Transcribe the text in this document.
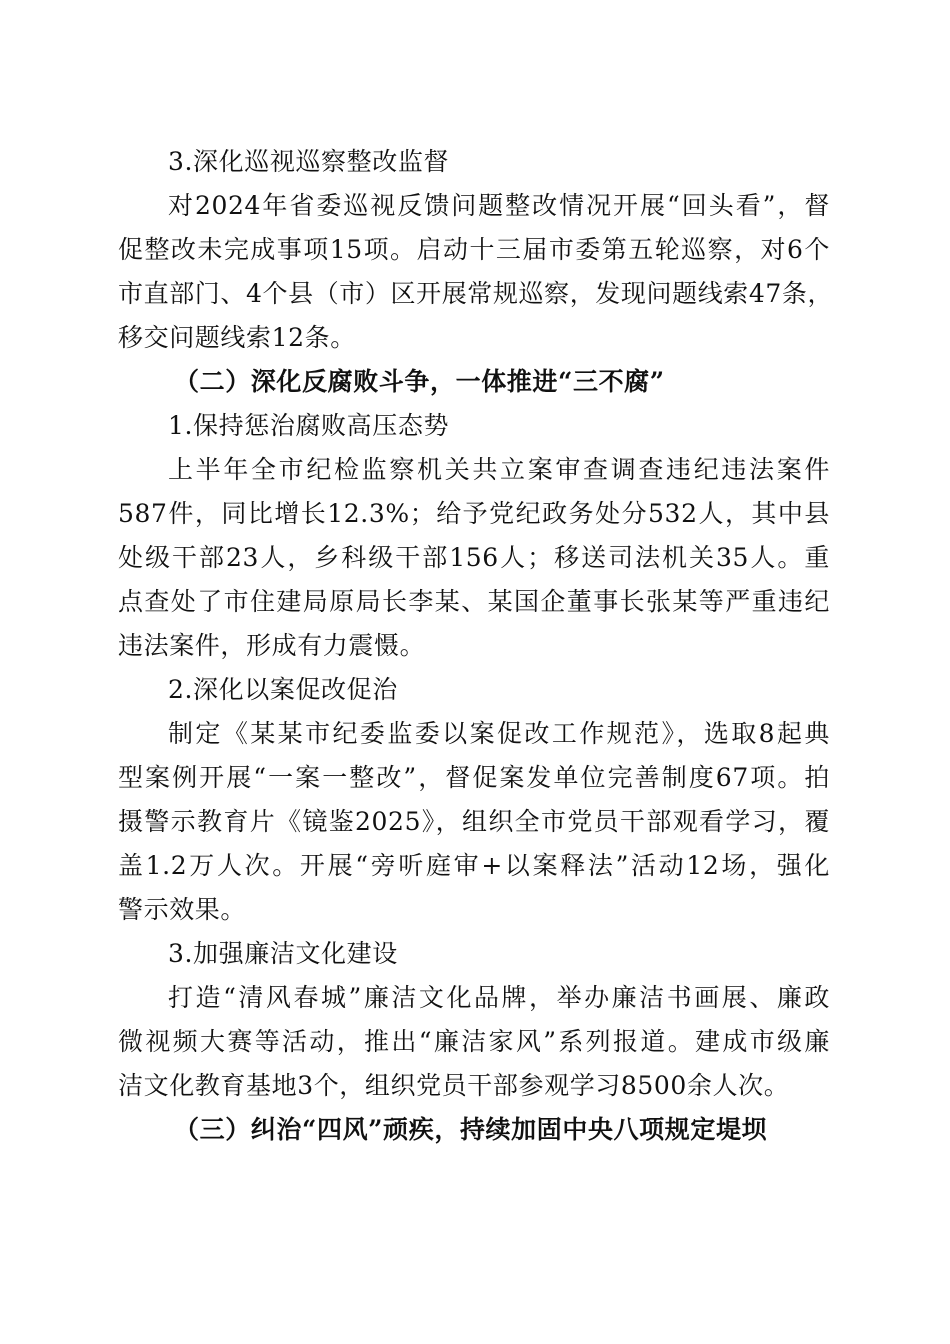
3.深化巡视巡察整改监督
对2024年省委巡视反馈问题整改情况开展“回头看”，督
促整改未完成事项15项。启动十三届市委第五轮巡察，对6个
市直部门、4个县（市）区开展常规巡察，发现问题线索47条，
移交问题线索12条。
（二）深化反腐败斗争，一体推进“三不腐”
1.保持惩治腐败高压态势
上半年全市纪检监察机关共立案审查调查违纪违法案件
587件，同比增长12.3%；给予党纪政务处分532人，其中县
处级干部23人，乡科级干部156人；移送司法机关35人。重
点查处了市住建局原局长李某、某国企董事长张某等严重违纪
违法案件，形成有力震慑。
2.深化以案促改促治
制定《某某市纪委监委以案促改工作规范》，选取8起典
型案例开展“一案一整改”，督促案发单位完善制度67项。拍
摄警示教育片《镜鉴2025》，组织全市党员干部观看学习，覆
盖1.2万人次。开展“旁听庭审+以案释法”活动12场，强化
警示效果。
3.加强廉洁文化建设
打造“清风春城”廉洁文化品牌，举办廉洁书画展、廉政
微视频大赛等活动，推出“廉洁家风”系列报道。建成市级廉
洁文化教育基地3个，组织党员干部参观学习8500余人次。
（三）纠治“四风”顽疾，持续加固中央八项规定堤坝
